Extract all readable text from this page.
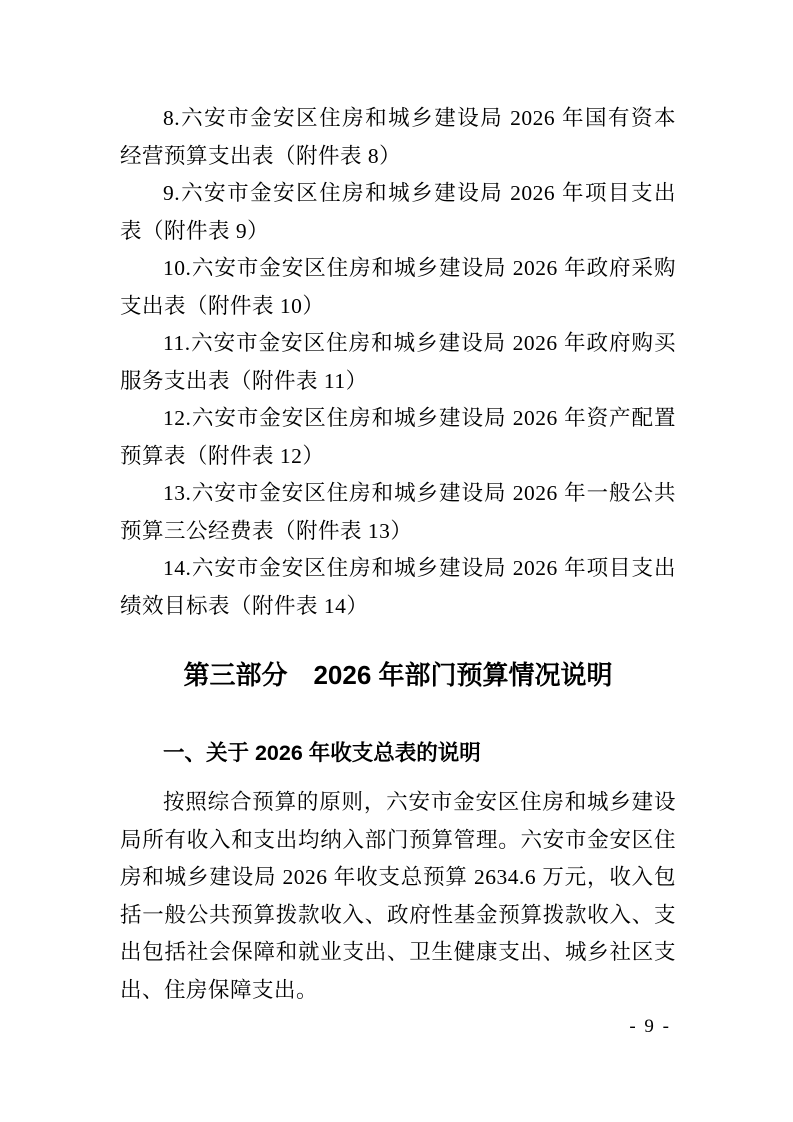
8.六安市金安区住房和城乡建设局 2026 年国有资本经营预算支出表（附件表 8）

9.六安市金安区住房和城乡建设局 2026 年项目支出表（附件表 9）

10.六安市金安区住房和城乡建设局 2026 年政府采购支出表（附件表 10）

11.六安市金安区住房和城乡建设局 2026 年政府购买服务支出表（附件表 11）

12.六安市金安区住房和城乡建设局 2026 年资产配置预算表（附件表 12）

13.六安市金安区住房和城乡建设局 2026 年一般公共预算三公经费表（附件表 13）

14.六安市金安区住房和城乡建设局 2026 年项目支出绩效目标表（附件表 14）

第三部分　2026 年部门预算情况说明
一、关于 2026 年收支总表的说明

按照综合预算的原则，六安市金安区住房和城乡建设局所有收入和支出均纳入部门预算管理。六安市金安区住房和城乡建设局 2026 年收支总预算 2634.6 万元，收入包括一般公共预算拨款收入、政府性基金预算拨款收入、支出包括社会保障和就业支出、卫生健康支出、城乡社区支出、住房保障支出。

- 9 -
